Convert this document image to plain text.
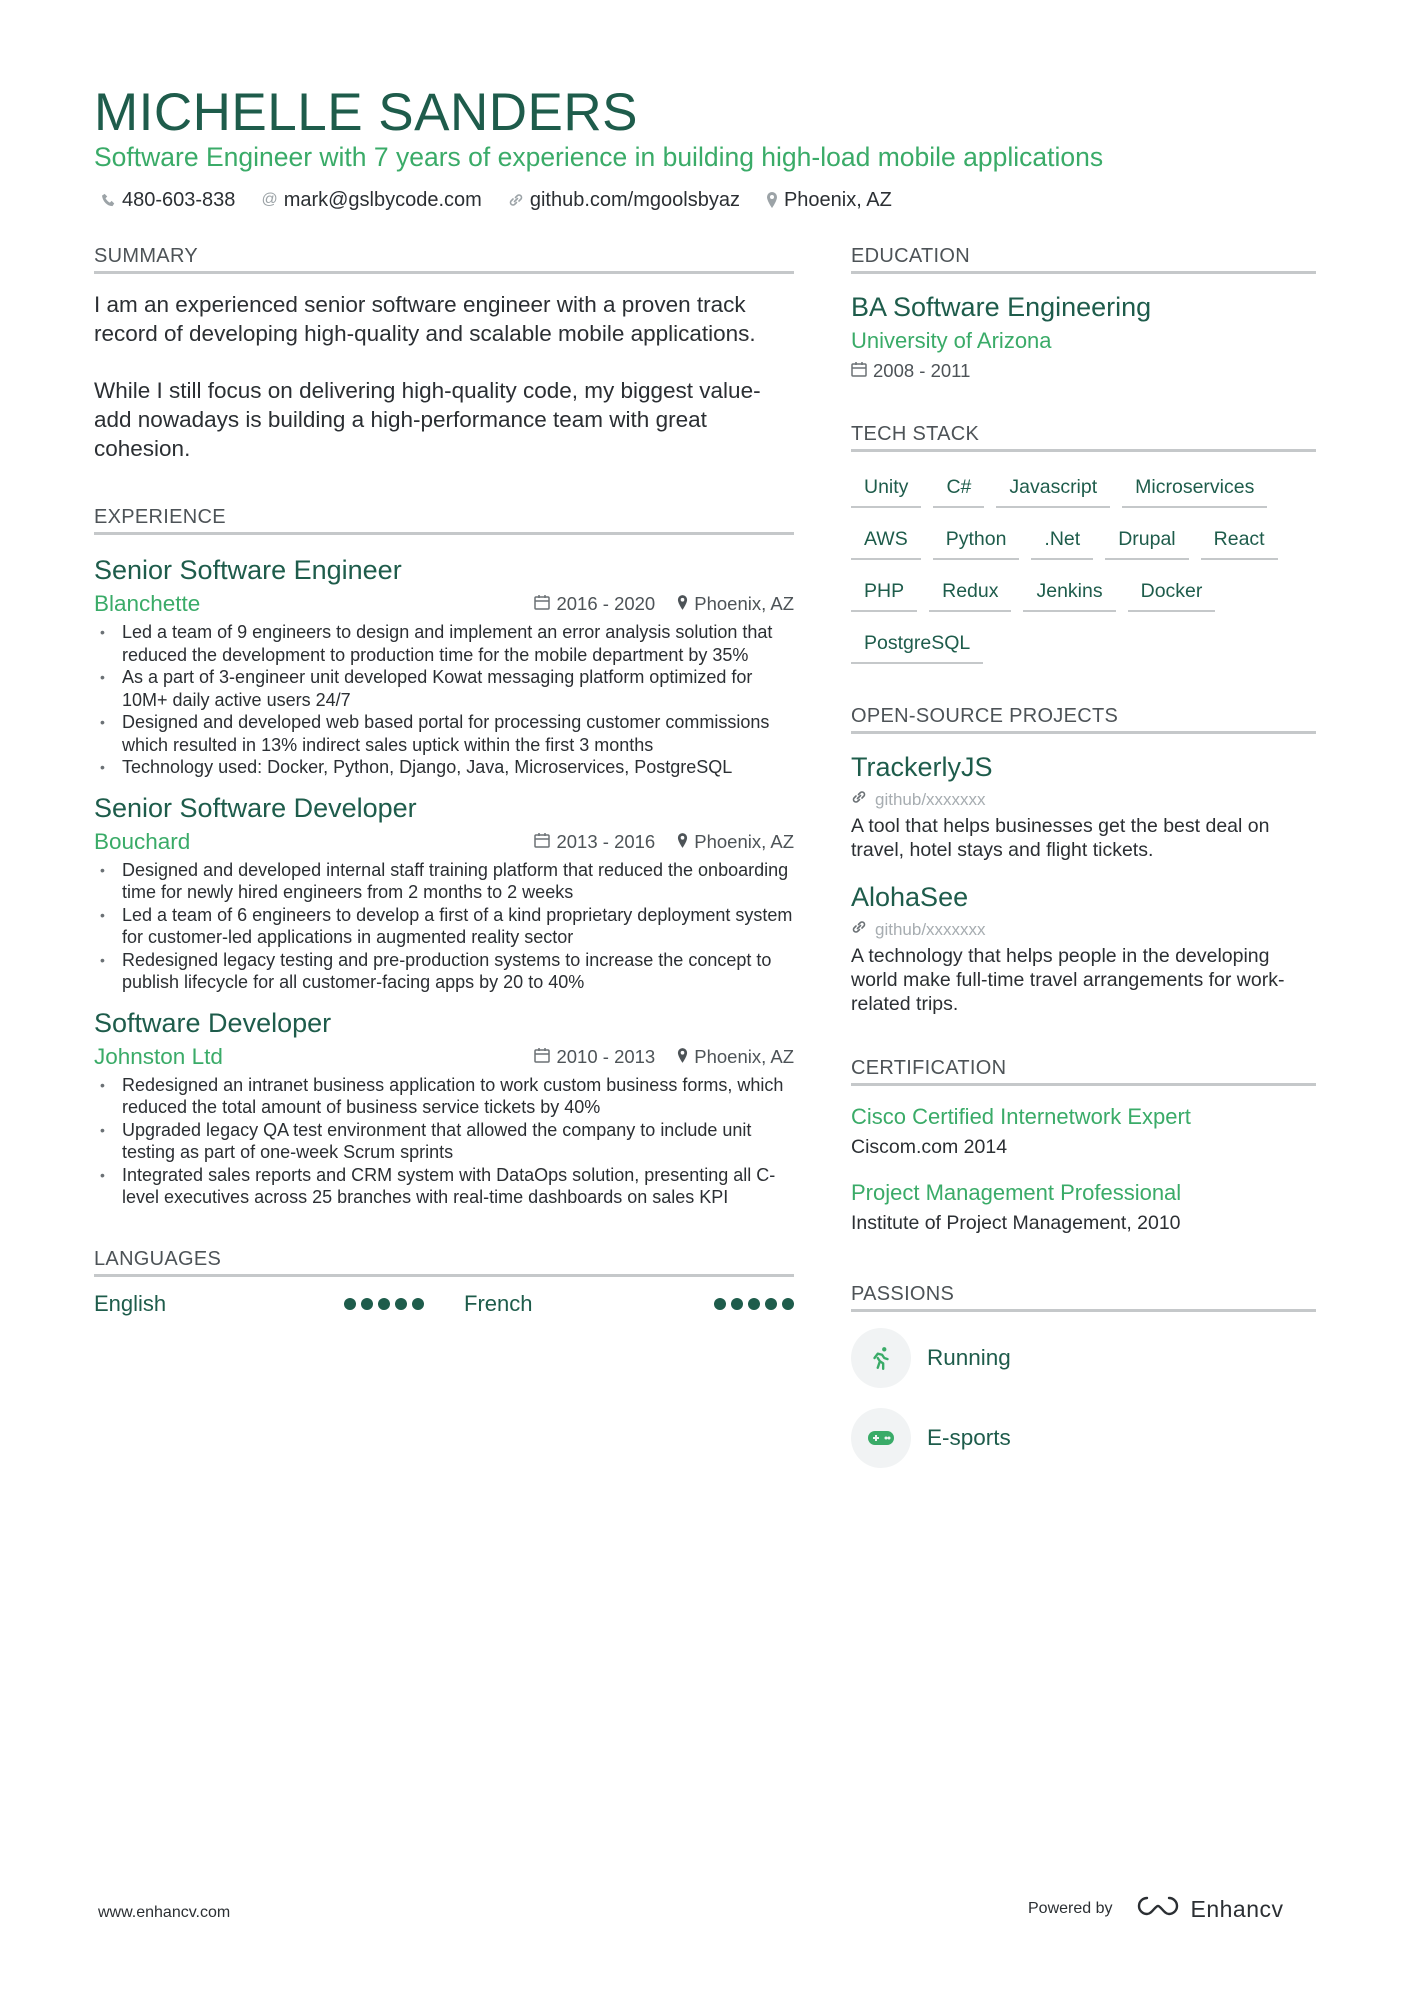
MICHELLE SANDERS
Software Engineer with 7 years of experience in building high-load mobile applications
480-603-838 @ mark@gslbycode.com github.com/mgoolsbyaz Phoenix, AZ
SUMMARY

I am an experienced senior software engineer with a proven track record of developing high-quality and scalable mobile applications.

While I still focus on delivering high-quality code, my biggest value-add nowadays is building a high-performance team with great cohesion.

EXPERIENCE
Senior Software Engineer
Blanchette	2016 - 2020 Phoenix, AZ
• Led a team of 9 engineers to design and implement an error analysis solution that reduced the development to production time for the mobile department by 35%
• As a part of 3-engineer unit developed Kowat messaging platform optimized for 10M+ daily active users 24/7
• Designed and developed web based portal for processing customer commissions which resulted in 13% indirect sales uptick within the first 3 months
• Technology used: Docker, Python, Django, Java, Microservices, PostgreSQL
Senior Software Developer
Bouchard	2013 - 2016 Phoenix, AZ
• Designed and developed internal staff training platform that reduced the onboarding time for newly hired engineers from 2 months to 2 weeks
• Led a team of 6 engineers to develop a first of a kind proprietary deployment system for customer-led applications in augmented reality sector
• Redesigned legacy testing and pre-production systems to increase the concept to publish lifecycle for all customer-facing apps by 20 to 40%
Software Developer
Johnston Ltd	2010 - 2013 Phoenix, AZ
• Redesigned an intranet business application to work custom business forms, which reduced the total amount of business service tickets by 40%
• Upgraded legacy QA test environment that allowed the company to include unit testing as part of one-week Scrum sprints
• Integrated sales reports and CRM system with DataOps solution, presenting all C-level executives across 25 branches with real-time dashboards on sales KPI
LANGUAGES
English	French
EDUCATION
BA Software Engineering
University of Arizona
2008 - 2011
TECH STACK
Unity	C#	Javascript	Microservices
AWS	Python	.Net	Drupal	React
PHP	Redux	Jenkins	Docker
PostgreSQL
OPEN-SOURCE PROJECTS
TrackerlyJS
github/xxxxxxx
A tool that helps businesses get the best deal on travel, hotel stays and flight tickets.
AlohaSee
github/xxxxxxx
A technology that helps people in the developing world make full-time travel arrangements for work-related trips.
CERTIFICATION
Cisco Certified Internetwork Expert
Ciscom.com 2014
Project Management Professional
Institute of Project Management, 2010
PASSIONS
Running
E-sports
www.enhancv.com	Powered by	Enhancv
